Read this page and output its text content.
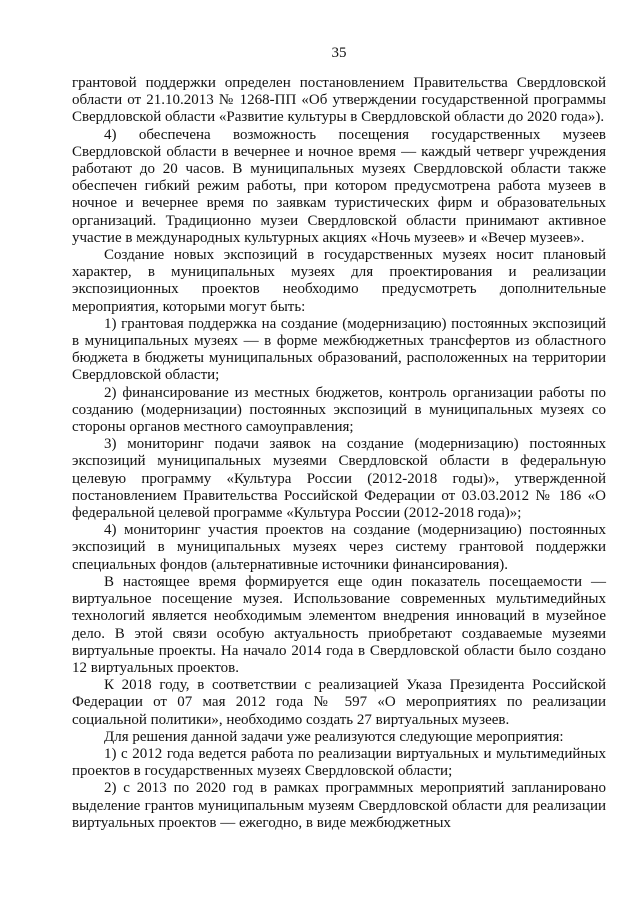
35

грантовой поддержки определен постановлением Правительства Свердловской области от 21.10.2013 № 1268-ПП «Об утверждении государственной программы Свердловской области «Развитие культуры в Свердловской области до 2020 года»).

4) обеспечена возможность посещения государственных музеев Свердловской области в вечернее и ночное время — каждый четверг учреждения работают до 20 часов. В муниципальных музеях Свердловской области также обеспечен гибкий режим работы, при котором предусмотрена работа музеев в ночное и вечернее время по заявкам туристических фирм и образовательных организаций. Традиционно музеи Свердловской области принимают активное участие в международных культурных акциях «Ночь музеев» и «Вечер музеев».

Создание новых экспозиций в государственных музеях носит плановый характер, в муниципальных музеях для проектирования и реализации экспозиционных проектов необходимо предусмотреть дополнительные мероприятия, которыми могут быть:

1) грантовая поддержка на создание (модернизацию) постоянных экспозиций в муниципальных музеях — в форме межбюджетных трансфертов из областного бюджета в бюджеты муниципальных образований, расположенных на территории Свердловской области;

2) финансирование из местных бюджетов, контроль организации работы по созданию (модернизации) постоянных экспозиций в муниципальных музеях со стороны органов местного самоуправления;

3) мониторинг подачи заявок на создание (модернизацию) постоянных экспозиций муниципальных музеями Свердловской области в федеральную целевую программу «Культура России (2012-2018 годы)», утвержденной постановлением Правительства Российской Федерации от 03.03.2012 № 186 «О федеральной целевой программе «Культура России (2012-2018 года)»;

4) мониторинг участия проектов на создание (модернизацию) постоянных экспозиций в муниципальных музеях через систему грантовой поддержки специальных фондов (альтернативные источники финансирования).

В настоящее время формируется еще один показатель посещаемости — виртуальное посещение музея. Использование современных мультимедийных технологий является необходимым элементом внедрения инноваций в музейное дело. В этой связи особую актуальность приобретают создаваемые музеями виртуальные проекты. На начало 2014 года в Свердловской области было создано 12 виртуальных проектов.

К 2018 году, в соответствии с реализацией Указа Президента Российской Федерации от 07 мая 2012 года № 597 «О мероприятиях по реализации социальной политики», необходимо создать 27 виртуальных музеев.

Для решения данной задачи уже реализуются следующие мероприятия:

1) с 2012 года ведется работа по реализации виртуальных и мультимедийных проектов в государственных музеях Свердловской области;

2) с 2013 по 2020 год в рамках программных мероприятий запланировано выделение грантов муниципальным музеям Свердловской области для реализации виртуальных проектов — ежегодно, в виде межбюджетных
